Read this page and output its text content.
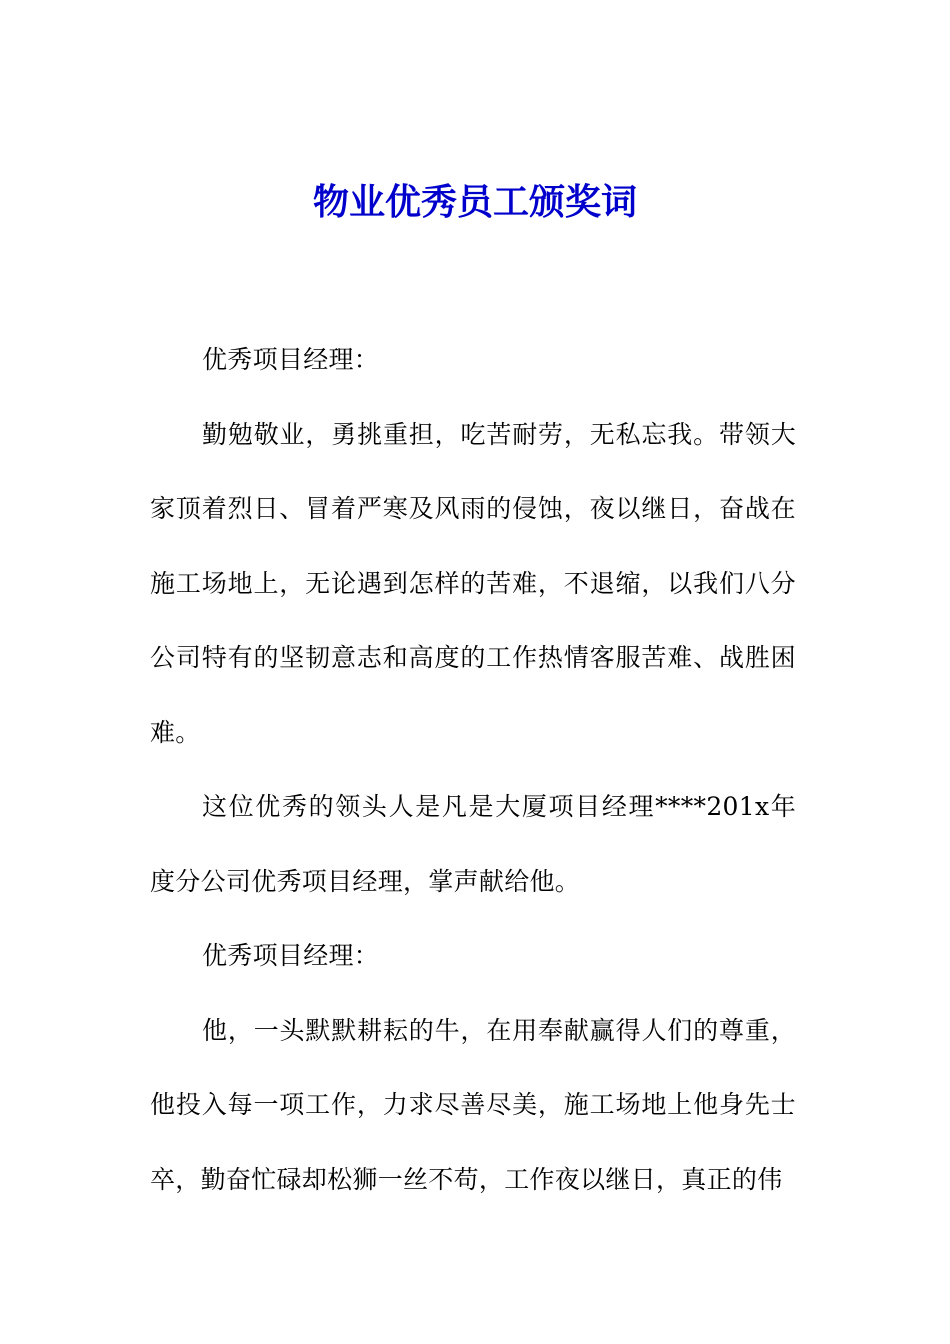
物业优秀员工颁奖词

优秀项目经理：

勤勉敬业，勇挑重担，吃苦耐劳，无私忘我。带领大家顶着烈日、冒着严寒及风雨的侵蚀，夜以继日，奋战在施工场地上，无论遇到怎样的苦难，不退缩，以我们八分公司特有的坚韧意志和高度的工作热情客服苦难、战胜困难。

这位优秀的领头人是凡是大厦项目经理****201x年度分公司优秀项目经理，掌声献给他。

优秀项目经理：

他，一头默默耕耘的牛，在用奉献赢得人们的尊重，他投入每一项工作，力求尽善尽美，施工场地上他身先士卒，勤奋忙碌却松狮一丝不苟，工作夜以继日，真正的伟
